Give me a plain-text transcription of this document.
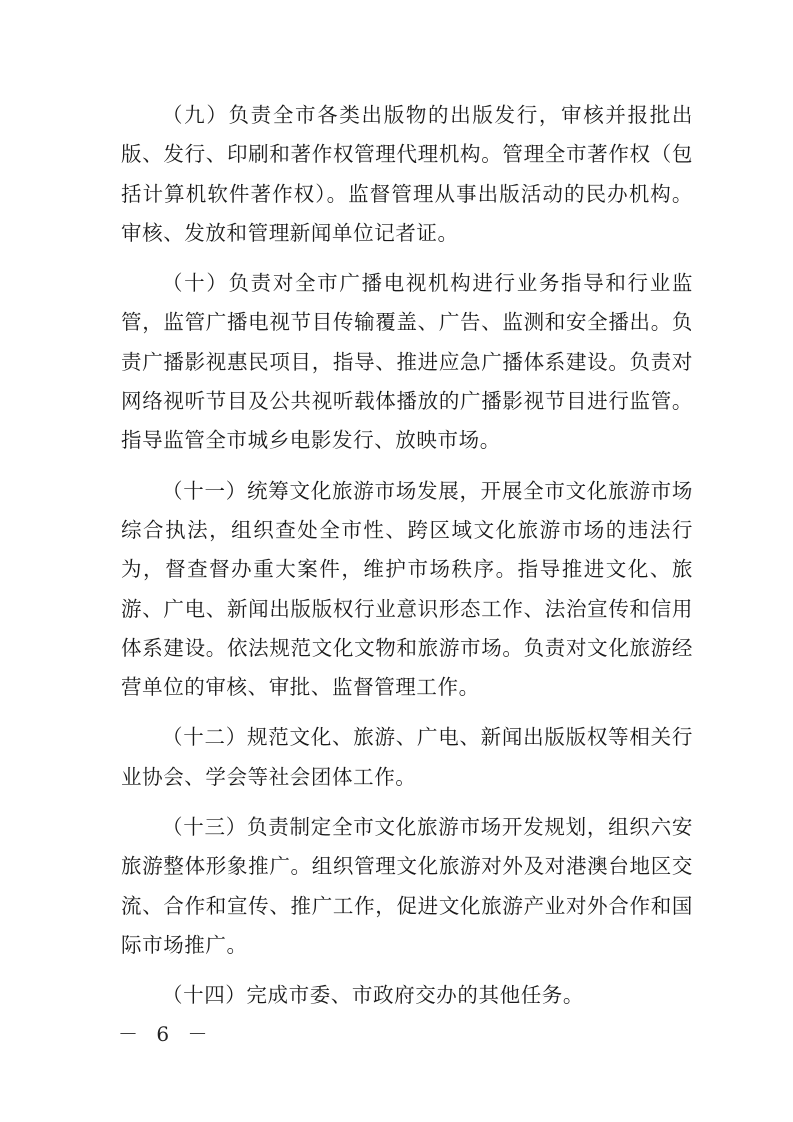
（九）负责全市各类出版物的出版发行，审核并报批出版、发行、印刷和著作权管理代理机构。管理全市著作权（包括计算机软件著作权）。监督管理从事出版活动的民办机构。审核、发放和管理新闻单位记者证。

（十）负责对全市广播电视机构进行业务指导和行业监管，监管广播电视节目传输覆盖、广告、监测和安全播出。负责广播影视惠民项目，指导、推进应急广播体系建设。负责对网络视听节目及公共视听载体播放的广播影视节目进行监管。指导监管全市城乡电影发行、放映市场。

（十一）统筹文化旅游市场发展，开展全市文化旅游市场综合执法，组织查处全市性、跨区域文化旅游市场的违法行为，督查督办重大案件，维护市场秩序。指导推进文化、旅游、广电、新闻出版版权行业意识形态工作、法治宣传和信用体系建设。依法规范文化文物和旅游市场。负责对文化旅游经营单位的审核、审批、监督管理工作。

（十二）规范文化、旅游、广电、新闻出版版权等相关行业协会、学会等社会团体工作。

（十三）负责制定全市文化旅游市场开发规划，组织六安旅游整体形象推广。组织管理文化旅游对外及对港澳台地区交流、合作和宣传、推广工作，促进文化旅游产业对外合作和国际市场推广。

（十四）完成市委、市政府交办的其他任务。

－ 6 －
